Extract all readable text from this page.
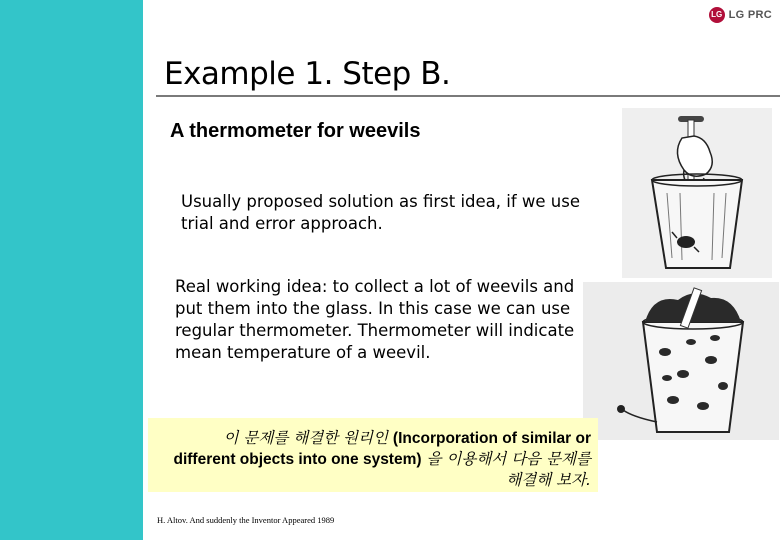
LG LG PRC
Example 1. Step B.
A thermometer for weevils
Usually proposed solution as first idea, if we use trial and error approach.
Real working idea: to collect a lot of weevils and put them into the glass. In this case we can use regular thermometer. Thermometer will indicate mean temperature of a weevil.
이 문제를 해결한 원리인 (Incorporation of similar or different objects into one system) 을 이용해서 다음 문제를 해결해 보자.
H. Altov. And suddenly the Inventor Appeared 1989
